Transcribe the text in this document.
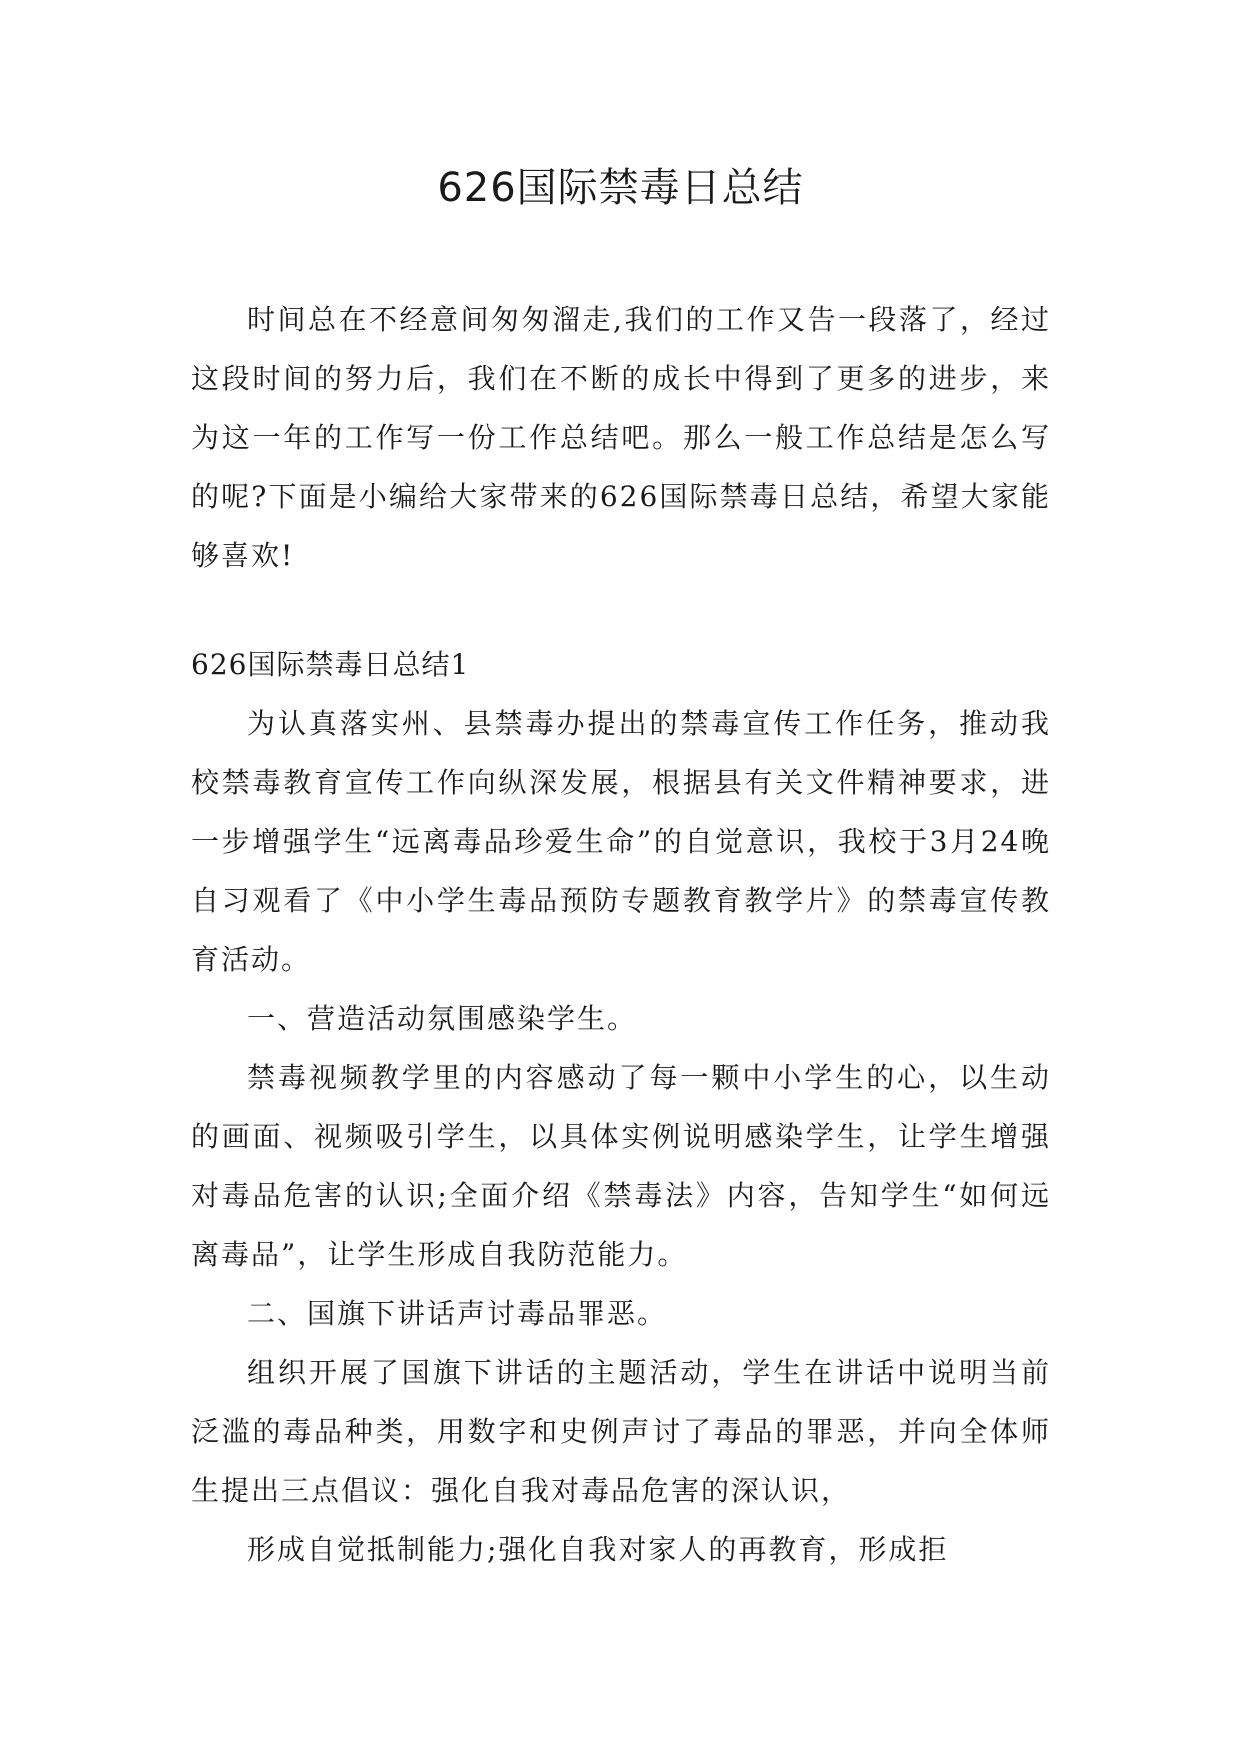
626国际禁毒日总结

时间总在不经意间匆匆溜走,我们的工作又告一段落了，经过这段时间的努力后，我们在不断的成长中得到了更多的进步，来为这一年的工作写一份工作总结吧。那么一般工作总结是怎么写的呢?下面是小编给大家带来的626国际禁毒日总结，希望大家能够喜欢!

626国际禁毒日总结1

为认真落实州、县禁毒办提出的禁毒宣传工作任务，推动我校禁毒教育宣传工作向纵深发展，根据县有关文件精神要求，进一步增强学生“远离毒品珍爱生命”的自觉意识，我校于3月24晚自习观看了《中小学生毒品预防专题教育教学片》的禁毒宣传教育活动。

一、营造活动氛围感染学生。

禁毒视频教学里的内容感动了每一颗中小学生的心，以生动的画面、视频吸引学生，以具体实例说明感染学生，让学生增强对毒品危害的认识;全面介绍《禁毒法》内容，告知学生“如何远离毒品”，让学生形成自我防范能力。

二、国旗下讲话声讨毒品罪恶。

组织开展了国旗下讲话的主题活动，学生在讲话中说明当前泛滥的毒品种类，用数字和史例声讨了毒品的罪恶，并向全体师生提出三点倡议：强化自我对毒品危害的深认识，

形成自觉抵制能力;强化自我对家人的再教育，形成拒
